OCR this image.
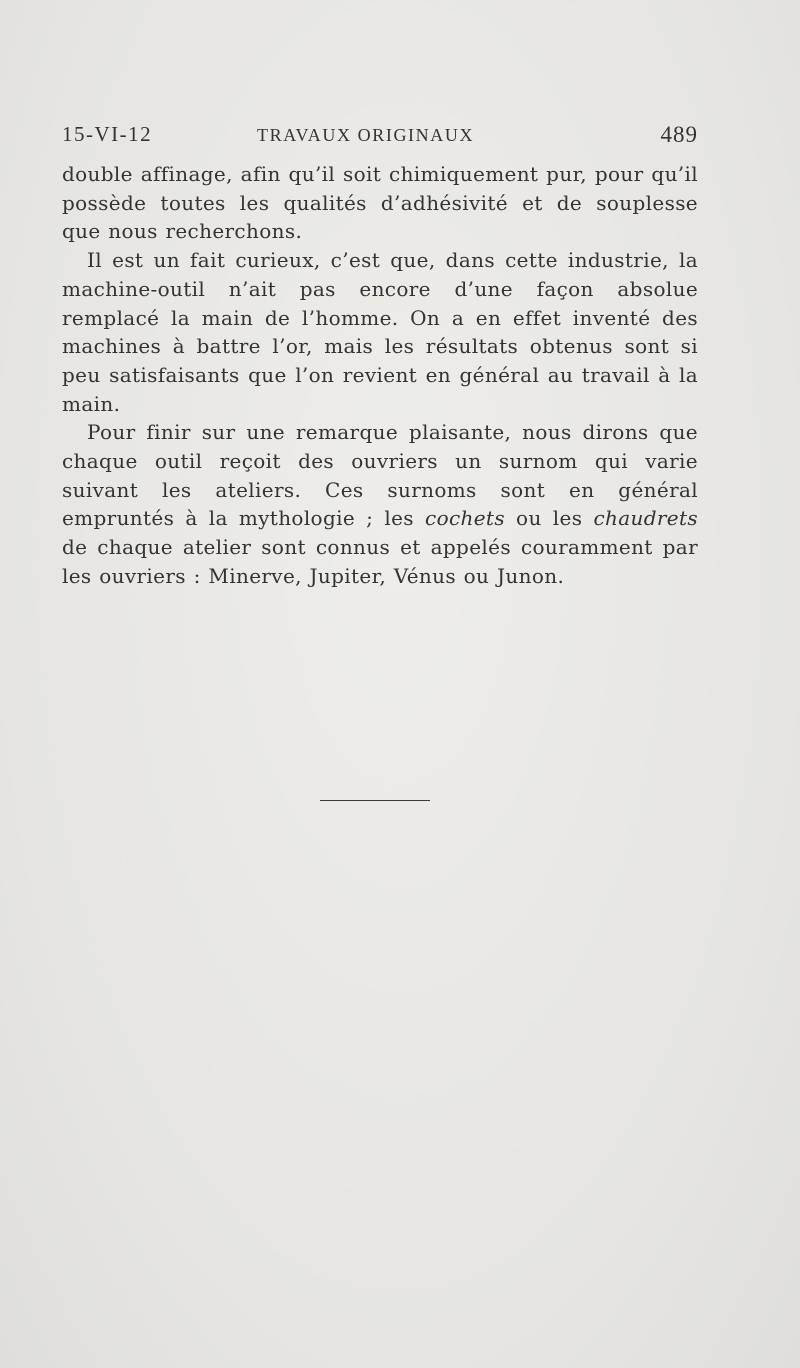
15-VI-12	TRAVAUX ORIGINAUX	489

double affinage, afin qu’il soit chimiquement pur, pour qu’il possède toutes les qualités d’adhésivité et de souplesse que nous recherchons.

Il est un fait curieux, c’est que, dans cette industrie, la machine-outil n’ait pas encore d’une façon absolue remplacé la main de l’homme. On a en effet inventé des machines à battre l’or, mais les résultats obtenus sont si peu satisfaisants que l’on revient en général au travail à la main.

Pour finir sur une remarque plaisante, nous dirons que chaque outil reçoit des ouvriers un surnom qui varie suivant les ateliers. Ces surnoms sont en général empruntés à la mythologie ; les cochets ou les chaudrets de chaque atelier sont connus et appelés couramment par les ouvriers : Minerve, Jupiter, Vénus ou Junon.
